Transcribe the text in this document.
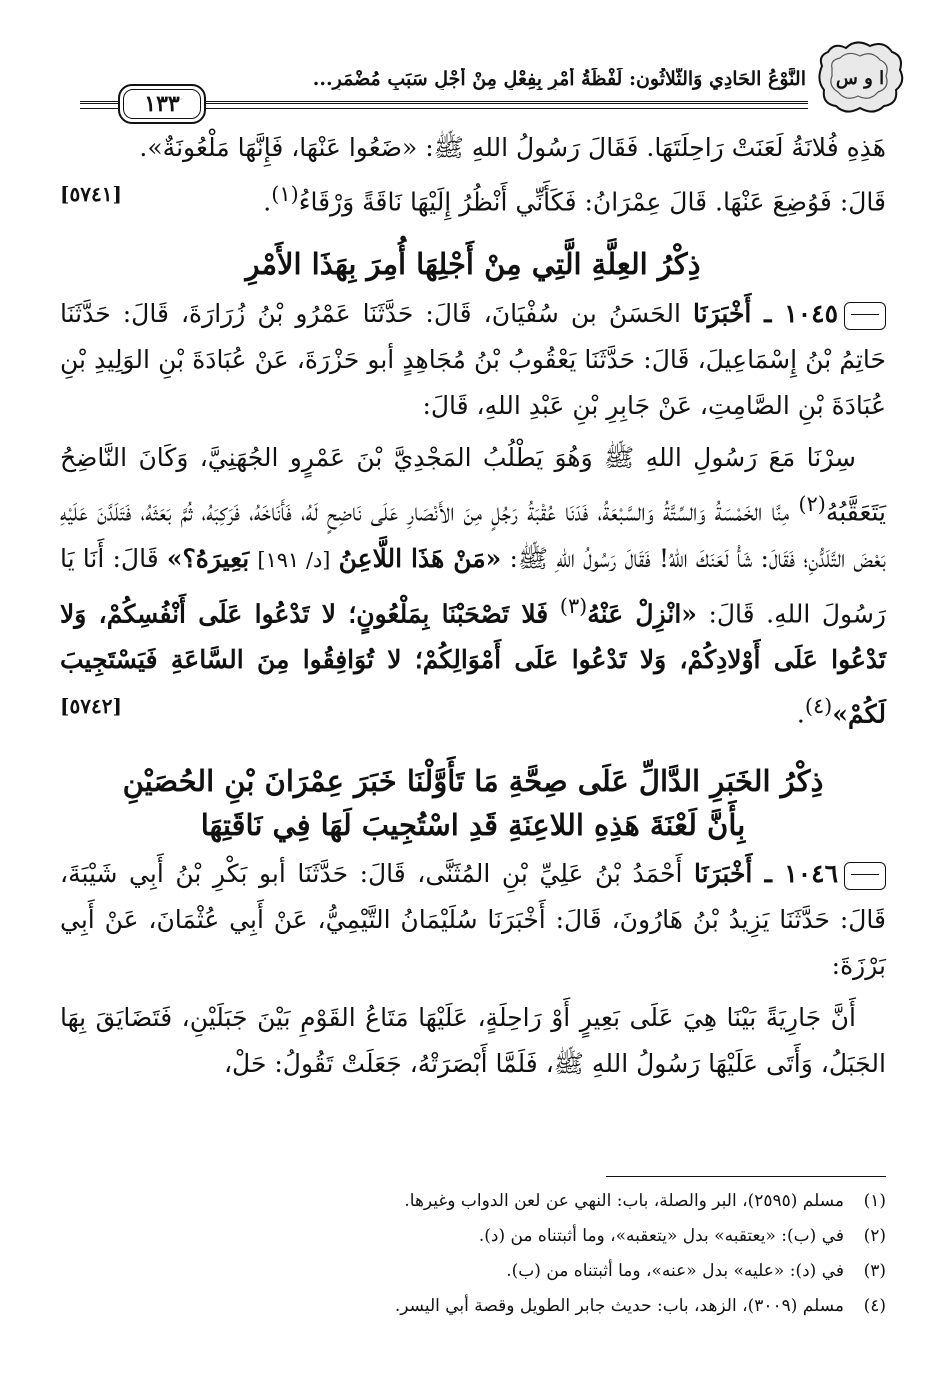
ا و س
النَّوْعُ الحَادِي وَالثَّلاثُون: لَفْظَةُ أَمْرٍ بِفِعْلٍ مِنْ أَجْلِ سَبَبٍ مُضْمَرٍ...
١٣٣

هَذِهِ فُلانَةُ لَعَنَتْ رَاحِلَتَهَا. فَقَالَ رَسُولُ اللهِ ﷺ: «ضَعُوا عَنْهَا، فَإِنَّهَا مَلْعُونَةٌ».

قَالَ: فَوُضِعَ عَنْهَا. قَالَ عِمْرَانُ: فَكَأَنِّي أَنْظُرُ إِلَيْهَا نَاقَةً وَرْقَاءُ$^{(١)}$.
[٥٧٤١]

ذِكْرُ العِلَّةِ الَّتِي مِنْ أَجْلِهَا أُمِرَ بِهَذَا الأَمْرِ

١٠٤٥ ـ أَخْبَرَنَا الحَسَنُ بن سُفْيَانَ، قَالَ: حَدَّثَنَا عَمْرُو بْنُ زُرَارَةَ، قَالَ: حَدَّثَنَا حَاتِمُ بْنُ إِسْمَاعِيلَ، قَالَ: حَدَّثَنَا يَعْقُوبُ بْنُ مُجَاهِدٍ أبو حَزْرَةَ، عَنْ عُبَادَةَ بْنِ الوَلِيدِ بْنِ عُبَادَةَ بْنِ الصَّامِتِ، عَنْ جَابِرِ بْنِ عَبْدِ اللهِ، قَالَ:

سِرْنَا مَعَ رَسُولِ اللهِ ﷺ وَهُوَ يَطْلُبُ المَجْدِيَّ بْنَ عَمْرٍو الجُهَنِيَّ، وَكَانَ النَّاضِحُ يَتَعَقَّبُهُ$^{(٢)}$ مِنَّا الخَمْسَةُ وَالسِّتَّةُ وَالسَّبْعَةُ، فَدَنَا عُقْبَةُ رَجُلٍ مِنَ الأَنْصَارِ عَلَى نَاضِحٍ لَهُ، فَأَنَاخَهُ، فَرَكِبَهُ، ثُمَّ بَعَثَهُ، فَتَلَدَّنَ عَلَيْهِ بَعْضَ التَّلَدُّنِ؛ فَقَالَ: شَأْ لَعَنَكَ اللهُ! فَقَالَ رَسُولُ اللهِ ﷺ: «مَنْ هَذَا اللَّاعِنُ [د/ ١٩١] بَعِيرَهُ؟» قَالَ: أَنَا يَا رَسُولَ اللهِ. قَالَ: «انْزِلْ عَنْهُ$^{(٣)}$ فَلا تَصْحَبْنَا بِمَلْعُونٍ؛ لا تَدْعُوا عَلَى أَنْفُسِكُمْ، وَلا تَدْعُوا عَلَى أَوْلادِكُمْ، وَلا تَدْعُوا عَلَى أَمْوَالِكُمْ؛ لا تُوَافِقُوا مِنَ السَّاعَةِ فَيَسْتَجِيبَ لَكُمْ»$^{(٤)}$.
[٥٧٤٢]

ذِكْرُ الخَبَرِ الدَّالِّ عَلَى صِحَّةِ مَا تَأَوَّلْنَا خَبَرَ عِمْرَانَ بْنِ الحُصَيْنِ
بِأَنَّ لَعْنَةَ هَذِهِ اللاعِنَةِ قَدِ اسْتُجِيبَ لَهَا فِي نَاقَتِهَا

١٠٤٦ ـ أَخْبَرَنَا أَحْمَدُ بْنُ عَلِيِّ بْنِ المُثَنَّى، قَالَ: حَدَّثَنَا أبو بَكْرِ بْنُ أَبِي شَيْبَةَ، قَالَ: حَدَّثَنَا يَزِيدُ بْنُ هَارُونَ، قَالَ: أَخْبَرَنَا سُلَيْمَانُ التَّيْمِيُّ، عَنْ أَبِي عُثْمَانَ، عَنْ أَبِي بَرْزَةَ:

أَنَّ جَارِيَةً بَيْنَا هِيَ عَلَى بَعِيرٍ أَوْ رَاحِلَةٍ، عَلَيْهَا مَتَاعُ القَوْمِ بَيْنَ جَبَلَيْنِ، فَتَضَايَقَ بِهَا الجَبَلُ، وَأَتَى عَلَيْهَا رَسُولُ اللهِ ﷺ، فَلَمَّا أَبْصَرَتْهُ، جَعَلَتْ تَقُولُ: حَلْ،

(١)مسلم (٢٥٩٥)، البر والصلة، باب: النهي عن لعن الدواب وغيرها.
(٢)في (ب): «يعتقبه» بدل «يتعقبه»، وما أثبتناه من (د).
(٣)في (د): «عليه» بدل «عنه»، وما أثبتناه من (ب).
(٤)مسلم (٣٠٠٩)، الزهد، باب: حديث جابر الطويل وقصة أبي اليسر.
